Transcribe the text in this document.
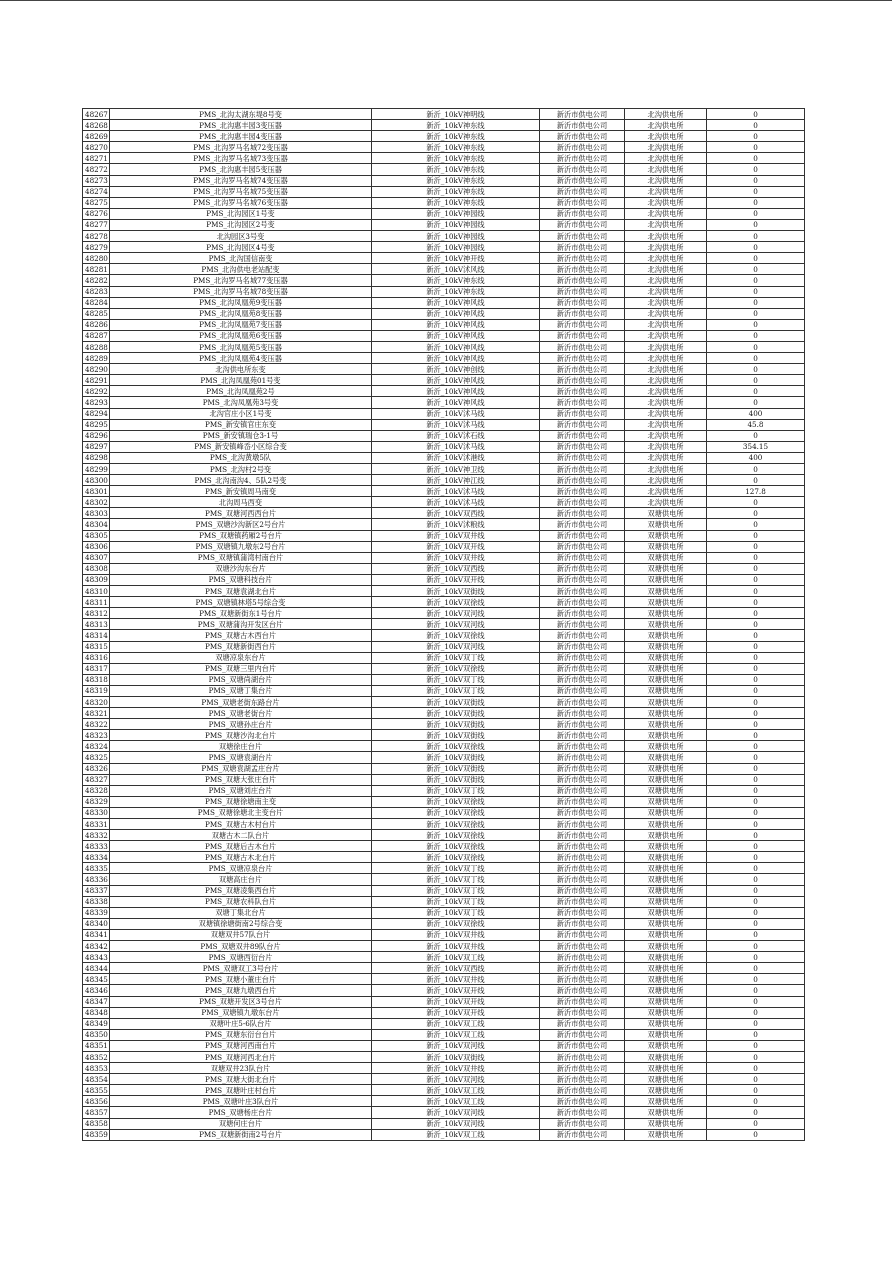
48267	PMS_北沟太湖东堤8号变	新沂_10kV神明线	新沂市供电公司	北沟供电所	0
48268	PMS_北沟惠丰园3变压器	新沂_10kV神东线	新沂市供电公司	北沟供电所	0
48269	PMS_北沟惠丰园4变压器	新沂_10kV神东线	新沂市供电公司	北沟供电所	0
48270	PMS_北沟罗马名城72变压器	新沂_10kV神东线	新沂市供电公司	北沟供电所	0
48271	PMS_北沟罗马名城73变压器	新沂_10kV神东线	新沂市供电公司	北沟供电所	0
48272	PMS_北沟惠丰园5变压器	新沂_10kV神东线	新沂市供电公司	北沟供电所	0
48273	PMS_北沟罗马名城74变压器	新沂_10kV神东线	新沂市供电公司	北沟供电所	0
48274	PMS_北沟罗马名城75变压器	新沂_10kV神东线	新沂市供电公司	北沟供电所	0
48275	PMS_北沟罗马名城76变压器	新沂_10kV神东线	新沂市供电公司	北沟供电所	0
48276	PMS_北沟园区1号变	新沂_10kV神园线	新沂市供电公司	北沟供电所	0
48277	PMS_北沟园区2号变	新沂_10kV神园线	新沂市供电公司	北沟供电所	0
48278	北沟园区3号变	新沂_10kV神园线	新沂市供电公司	北沟供电所	0
48279	PMS_北沟园区4号变	新沂_10kV神园线	新沂市供电公司	北沟供电所	0
48280	PMS_北沟国信南变	新沂_10kV神开线	新沂市供电公司	北沟供电所	0
48281	PMS_北沟供电老站配变	新沂_10kV沭风线	新沂市供电公司	北沟供电所	0
48282	PMS_北沟罗马名城77变压器	新沂_10kV神东线	新沂市供电公司	北沟供电所	0
48283	PMS_北沟罗马名城78变压器	新沂_10kV神东线	新沂市供电公司	北沟供电所	0
48284	PMS_北沟凤凰苑9变压器	新沂_10kV神风线	新沂市供电公司	北沟供电所	0
48285	PMS_北沟凤凰苑8变压器	新沂_10kV神风线	新沂市供电公司	北沟供电所	0
48286	PMS_北沟凤凰苑7变压器	新沂_10kV神风线	新沂市供电公司	北沟供电所	0
48287	PMS_北沟凤凰苑6变压器	新沂_10kV神风线	新沂市供电公司	北沟供电所	0
48288	PMS_北沟凤凰苑5变压器	新沂_10kV神风线	新沂市供电公司	北沟供电所	0
48289	PMS_北沟凤凰苑4变压器	新沂_10kV神风线	新沂市供电公司	北沟供电所	0
48290	北沟供电所东变	新沂_10kV神创线	新沂市供电公司	北沟供电所	0
48291	PMS_北沟凤凰苑01号变	新沂_10kV神风线	新沂市供电公司	北沟供电所	0
48292	PMS_北沟凤凰苑2号	新沂_10kV神风线	新沂市供电公司	北沟供电所	0
48293	PMS_北沟凤凰苑3号变	新沂_10kV神风线	新沂市供电公司	北沟供电所	0
48294	北沟官庄小区1号变	新沂_10kV沭马线	新沂市供电公司	北沟供电所	400
48295	PMS_新安镇官庄东变	新沂_10kV沭马线	新沂市供电公司	北沟供电所	45.8
48296	PMS_新安镇瑞仓3-1号	新沂_10kV沭石线	新沂市供电公司	北沟供电所	0
48297	PMS_新安镇峰岙小区综合变	新沂_10kV沭马线	新沂市供电公司	北沟供电所	354.15
48298	PMS_北沟黄墩5队	新沂_10kV沭港线	新沂市供电公司	北沟供电所	400
48299	PMS_北沟村2号变	新沂_10kV神卫线	新沂市供电公司	北沟供电所	0
48300	PMS_北沟南沟4、5队2号变	新沂_10kV神江线	新沂市供电公司	北沟供电所	0
48301	PMS_新安镇周马南变	新沂_10kV沭马线	新沂市供电公司	北沟供电所	127.8
48302	北沟周马西变	新沂_10kV沭马线	新沂市供电公司	北沟供电所	0
48303	PMS_双塘河西西台片	新沂_10kV双西线	新沂市供电公司	双塘供电所	0
48304	PMS_双塘沙沟新区2号台片	新沂_10kV沭粮线	新沂市供电公司	双塘供电所	0
48305	PMS_双塘镇药厢2号台片	新沂_10kV双井线	新沂市供电公司	双塘供电所	0
48306	PMS_双塘镇九墩东2号台片	新沂_10kV双开线	新沂市供电公司	双塘供电所	0
48307	PMS_双塘镇蒲湾村南台片	新沂_10kV双井线	新沂市供电公司	双塘供电所	0
48308	双塘沙沟东台片	新沂_10kV双西线	新沂市供电公司	双塘供电所	0
48309	PMS_双塘科技台片	新沂_10kV双开线	新沂市供电公司	双塘供电所	0
48310	PMS_双塘袁湖北台片	新沂_10kV双街线	新沂市供电公司	双塘供电所	0
48311	PMS_双塘镇林塔5号综合变	新沂_10kV双徐线	新沂市供电公司	双塘供电所	0
48312	PMS_双塘新街东1号台片	新沂_10kV双河线	新沂市供电公司	双塘供电所	0
48313	PMS_双塘蒲沟开发区台片	新沂_10kV双河线	新沂市供电公司	双塘供电所	0
48314	PMS_双塘古木西台片	新沂_10kV双徐线	新沂市供电公司	双塘供电所	0
48315	PMS_双塘新街西台片	新沂_10kV双河线	新沂市供电公司	双塘供电所	0
48316	双塘凉泉东台片	新沂_10kV双丁线	新沂市供电公司	双塘供电所	0
48317	PMS_双塘三里内台片	新沂_10kV双徐线	新沂市供电公司	双塘供电所	0
48318	PMS_双塘尚湖台片	新沂_10kV双丁线	新沂市供电公司	双塘供电所	0
48319	PMS_双塘丁集台片	新沂_10kV双丁线	新沂市供电公司	双塘供电所	0
48320	PMS_双塘老街东路台片	新沂_10kV双街线	新沂市供电公司	双塘供电所	0
48321	PMS_双塘老街台片	新沂_10kV双街线	新沂市供电公司	双塘供电所	0
48322	PMS_双塘孙庄台片	新沂_10kV双街线	新沂市供电公司	双塘供电所	0
48323	PMS_双塘沙沟北台片	新沂_10kV双街线	新沂市供电公司	双塘供电所	0
48324	双塘徐庄台片	新沂_10kV双徐线	新沂市供电公司	双塘供电所	0
48325	PMS_双塘袁湖台片	新沂_10kV双街线	新沂市供电公司	双塘供电所	0
48326	PMS_双塘袁湖孟庄台片	新沂_10kV双街线	新沂市供电公司	双塘供电所	0
48327	PMS_双塘大张庄台片	新沂_10kV双街线	新沂市供电公司	双塘供电所	0
48328	PMS_双塘刘庄台片	新沂_10kV双丁线	新沂市供电公司	双塘供电所	0
48329	PMS_双塘徐塘南主变	新沂_10kV双徐线	新沂市供电公司	双塘供电所	0
48330	PMS_双塘徐塘北主变台片	新沂_10kV双徐线	新沂市供电公司	双塘供电所	0
48331	PMS_双塘古木村台片	新沂_10kV双徐线	新沂市供电公司	双塘供电所	0
48332	双塘古木二队台片	新沂_10kV双徐线	新沂市供电公司	双塘供电所	0
48333	PMS_双塘后古木台片	新沂_10kV双徐线	新沂市供电公司	双塘供电所	0
48334	PMS_双塘古木北台片	新沂_10kV双徐线	新沂市供电公司	双塘供电所	0
48335	PMS_双塘凉泉台片	新沂_10kV双丁线	新沂市供电公司	双塘供电所	0
48336	双塘高庄台片	新沂_10kV双丁线	新沂市供电公司	双塘供电所	0
48337	PMS_双塘凌集西台片	新沂_10kV双丁线	新沂市供电公司	双塘供电所	0
48338	PMS_双塘农科队台片	新沂_10kV双丁线	新沂市供电公司	双塘供电所	0
48339	双塘丁集北台片	新沂_10kV双丁线	新沂市供电公司	双塘供电所	0
48340	双塘镇徐塘街南2号综合变	新沂_10kV双徐线	新沂市供电公司	双塘供电所	0
48341	双塘双井57队台片	新沂_10kV双井线	新沂市供电公司	双塘供电所	0
48342	PMS_双塘双井89队台片	新沂_10kV双井线	新沂市供电公司	双塘供电所	0
48343	PMS_双塘西衍台片	新沂_10kV双工线	新沂市供电公司	双塘供电所	0
48344	PMS_双塘双工3号台片	新沂_10kV双西线	新沂市供电公司	双塘供电所	0
48345	PMS_双塘小董庄台片	新沂_10kV双井线	新沂市供电公司	双塘供电所	0
48346	PMS_双塘九墩西台片	新沂_10kV双开线	新沂市供电公司	双塘供电所	0
48347	PMS_双塘开发区3号台片	新沂_10kV双开线	新沂市供电公司	双塘供电所	0
48348	PMS_双塘镇九墩东台片	新沂_10kV双开线	新沂市供电公司	双塘供电所	0
48349	双塘叶庄5-6队台片	新沂_10kV双工线	新沂市供电公司	双塘供电所	0
48350	PMS_双塘东衍台台片	新沂_10kV双工线	新沂市供电公司	双塘供电所	0
48351	PMS_双塘河西南台片	新沂_10kV双河线	新沂市供电公司	双塘供电所	0
48352	PMS_双塘河西北台片	新沂_10kV双街线	新沂市供电公司	双塘供电所	0
48353	双塘双井23队台片	新沂_10kV双井线	新沂市供电公司	双塘供电所	0
48354	PMS_双塘大街北台片	新沂_10kV双河线	新沂市供电公司	双塘供电所	0
48355	PMS_双塘叶庄村台片	新沂_10kV双工线	新沂市供电公司	双塘供电所	0
48356	PMS_双塘叶庄3队台片	新沂_10kV双工线	新沂市供电公司	双塘供电所	0
48357	PMS_双塘杨庄台片	新沂_10kV双河线	新沂市供电公司	双塘供电所	0
48358	双塘何庄台片	新沂_10kV双河线	新沂市供电公司	双塘供电所	0
48359	PMS_双塘新街南2号台片	新沂_10kV双工线	新沂市供电公司	双塘供电所	0
